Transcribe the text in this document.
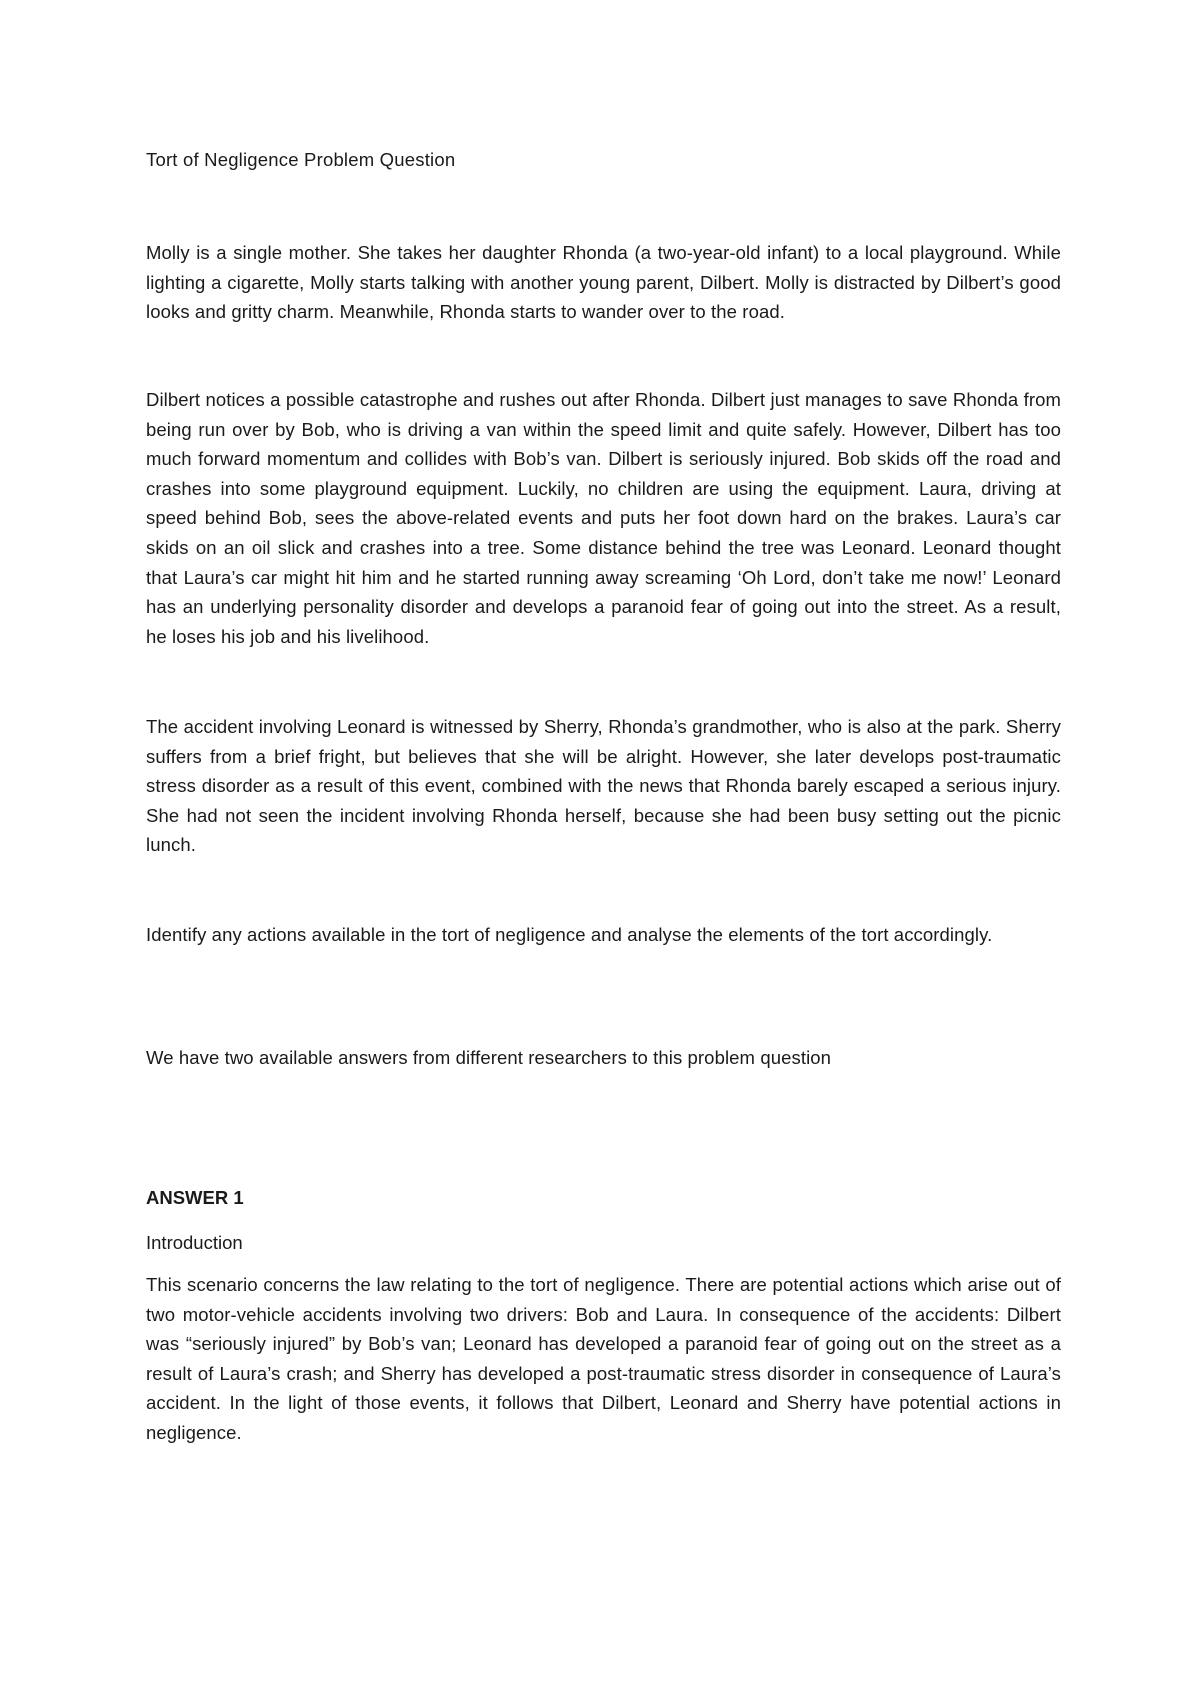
Tort of Negligence Problem Question
Molly is a single mother. She takes her daughter Rhonda (a two-year-old infant) to a local playground. While lighting a cigarette, Molly starts talking with another young parent, Dilbert. Molly is distracted by Dilbert’s good looks and gritty charm. Meanwhile, Rhonda starts to wander over to the road.
Dilbert notices a possible catastrophe and rushes out after Rhonda. Dilbert just manages to save Rhonda from being run over by Bob, who is driving a van within the speed limit and quite safely. However, Dilbert has too much forward momentum and collides with Bob’s van. Dilbert is seriously injured. Bob skids off the road and crashes into some playground equipment. Luckily, no children are using the equipment. Laura, driving at speed behind Bob, sees the above-related events and puts her foot down hard on the brakes. Laura’s car skids on an oil slick and crashes into a tree. Some distance behind the tree was Leonard. Leonard thought that Laura’s car might hit him and he started running away screaming ‘Oh Lord, don’t take me now!’ Leonard has an underlying personality disorder and develops a paranoid fear of going out into the street. As a result, he loses his job and his livelihood.
The accident involving Leonard is witnessed by Sherry, Rhonda’s grandmother, who is also at the park. Sherry suffers from a brief fright, but believes that she will be alright. However, she later develops post-traumatic stress disorder as a result of this event, combined with the news that Rhonda barely escaped a serious injury. She had not seen the incident involving Rhonda herself, because she had been busy setting out the picnic lunch.
Identify any actions available in the tort of negligence and analyse the elements of the tort accordingly.
We have two available answers from different researchers to this problem question
ANSWER 1
Introduction
This scenario concerns the law relating to the tort of negligence. There are potential actions which arise out of two motor-vehicle accidents involving two drivers: Bob and Laura. In consequence of the accidents: Dilbert was “seriously injured” by Bob’s van; Leonard has developed a paranoid fear of going out on the street as a result of Laura’s crash; and Sherry has developed a post-traumatic stress disorder in consequence of Laura’s accident. In the light of those events, it follows that Dilbert, Leonard and Sherry have potential actions in negligence.
